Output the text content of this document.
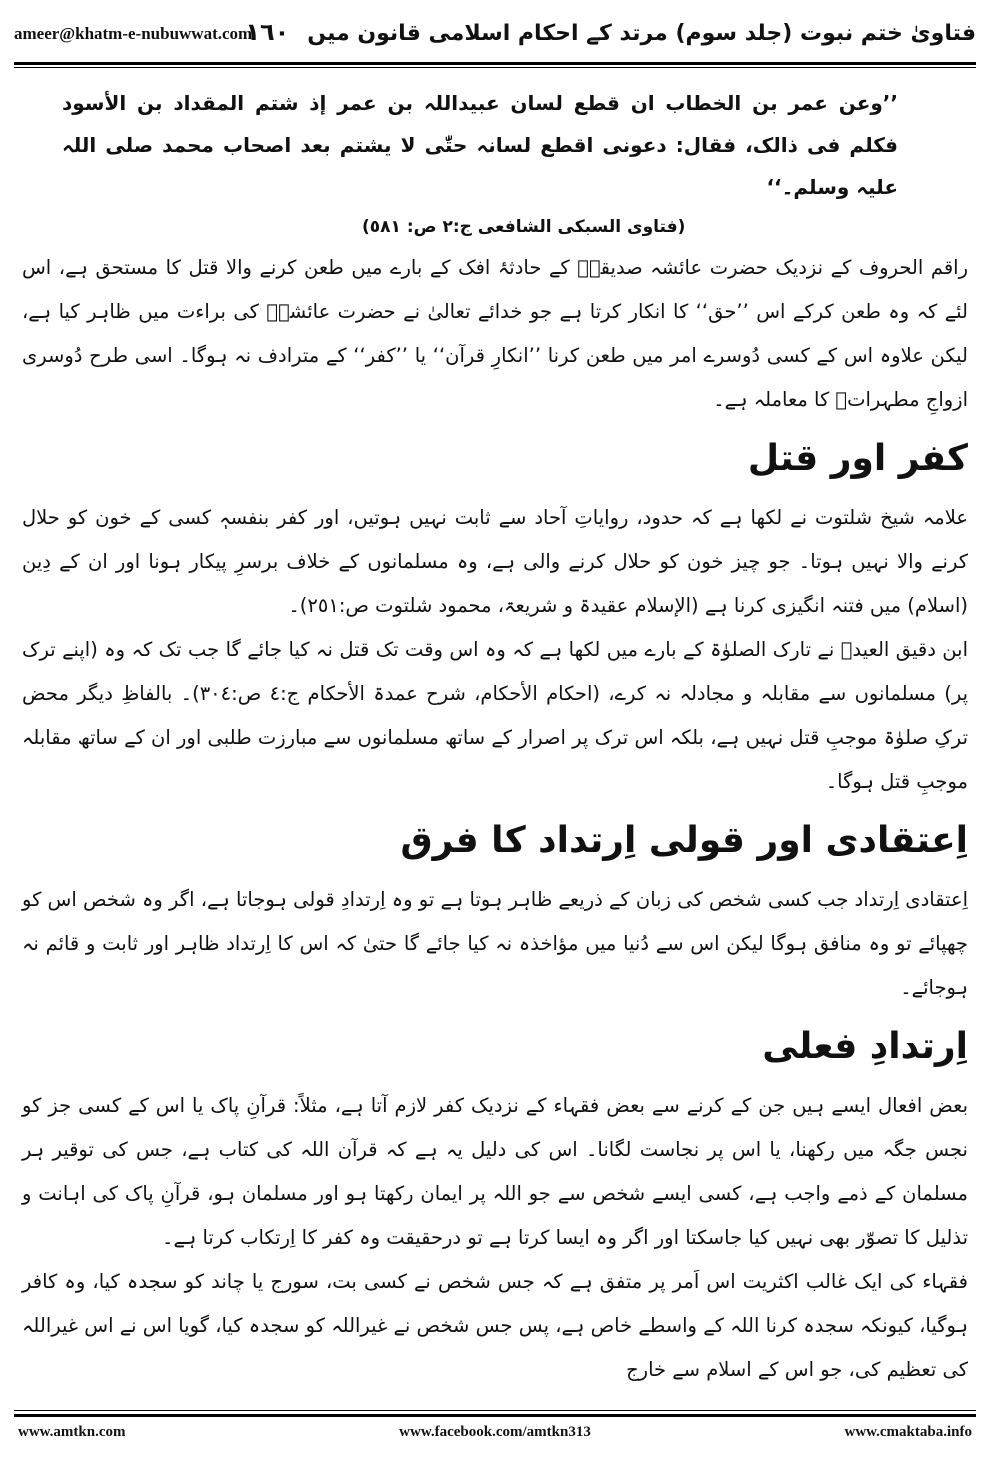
ameer@khatm-e-nubuwwat.com	فتاویٰ ختم نبوت (جلد سوم) مرتد کے احکام اسلامی قانون میں١٦٠

’’وعن عمر بن الخطاب ان قطع لسان عبیداللہ بن عمر إذ شتم المقداد بن الأسود فکلم فی ذالک، فقال: دعونی اقطع لسانہ حتّٰی لا یشتم بعد اصحاب محمد صلی اللہ علیہ وسلم۔‘‘

(فتاوی السبکی الشافعی ج:٢ ص: ٥٨١)

راقم الحروف کے نزدیک حضرت عائشہ صدیقہؓ کے حادثۂ افک کے بارے میں طعن کرنے والا قتل کا مستحق ہے، اس لئے کہ وہ طعن کرکے اس ’’حق‘‘ کا انکار کرتا ہے جو خدائے تعالیٰ نے حضرت عائشہؓ کی براءت میں ظاہر کیا ہے، لیکن علاوہ اس کے کسی دُوسرے امر میں طعن کرنا ’’انکارِ قرآن‘‘ یا ’’کفر‘‘ کے مترادف نہ ہوگا۔ اسی طرح دُوسری ازواجِ مطہراتؓ کا معاملہ ہے۔

کفر اور قتل

علامہ شیخ شلتوت نے لکھا ہے کہ حدود، روایاتِ آحاد سے ثابت نہیں ہوتیں، اور کفر بنفسہٖ کسی کے خون کو حلال کرنے والا نہیں ہوتا۔ جو چیز خون کو حلال کرنے والی ہے، وہ مسلمانوں کے خلاف برسرِ پیکار ہونا اور ان کے دِین (اسلام) میں فتنہ انگیزی کرنا ہے (الإسلام عقیدۃ و شریعۃ، محمود شلتوت ص:٢٥١)۔

ابن دقیق العیدؒ نے تارک الصلوٰۃ کے بارے میں لکھا ہے کہ وہ اس وقت تک قتل نہ کیا جائے گا جب تک کہ وہ (اپنے ترک پر) مسلمانوں سے مقابلہ و مجادلہ نہ کرے، (احکام الأحکام، شرح عمدۃ الأحکام ج:٤ ص:٣٠٤)۔ بالفاظِ دیگر محض ترکِ صلوٰۃ موجبِ قتل نہیں ہے، بلکہ اس ترک پر اصرار کے ساتھ مسلمانوں سے مبارزت طلبی اور ان کے ساتھ مقابلہ موجبِ قتل ہوگا۔

اِعتقادی اور قولی اِرتداد کا فرق

اِعتقادی اِرتداد جب کسی شخص کی زبان کے ذریعے ظاہر ہوتا ہے تو وہ اِرتدادِ قولی ہوجاتا ہے، اگر وہ شخص اس کو چھپائے تو وہ منافق ہوگا لیکن اس سے دُنیا میں مؤاخذہ نہ کیا جائے گا حتیٰ کہ اس کا اِرتداد ظاہر اور ثابت و قائم نہ ہوجائے۔

اِرتدادِ فعلی

بعض افعال ایسے ہیں جن کے کرنے سے بعض فقہاء کے نزدیک کفر لازم آتا ہے، مثلاً: قرآنِ پاک یا اس کے کسی جز کو نجس جگہ میں رکھنا، یا اس پر نجاست لگانا۔ اس کی دلیل یہ ہے کہ قرآن اللہ کی کتاب ہے، جس کی توقیر ہر مسلمان کے ذمے واجب ہے، کسی ایسے شخص سے جو اللہ پر ایمان رکھتا ہو اور مسلمان ہو، قرآنِ پاک کی اہانت و تذلیل کا تصوّر بھی نہیں کیا جاسکتا اور اگر وہ ایسا کرتا ہے تو درحقیقت وہ کفر کا اِرتکاب کرتا ہے۔

فقہاء کی ایک غالب اکثریت اس اَمر پر متفق ہے کہ جس شخص نے کسی بت، سورج یا چاند کو سجدہ کیا، وہ کافر ہوگیا، کیونکہ سجدہ کرنا اللہ کے واسطے خاص ہے، پس جس شخص نے غیراللہ کو سجدہ کیا، گویا اس نے اس غیراللہ کی تعظیم کی، جو اس کے اسلام سے خارج

www.amtkn.com	www.facebook.com/amtkn313	www.cmaktaba.info
